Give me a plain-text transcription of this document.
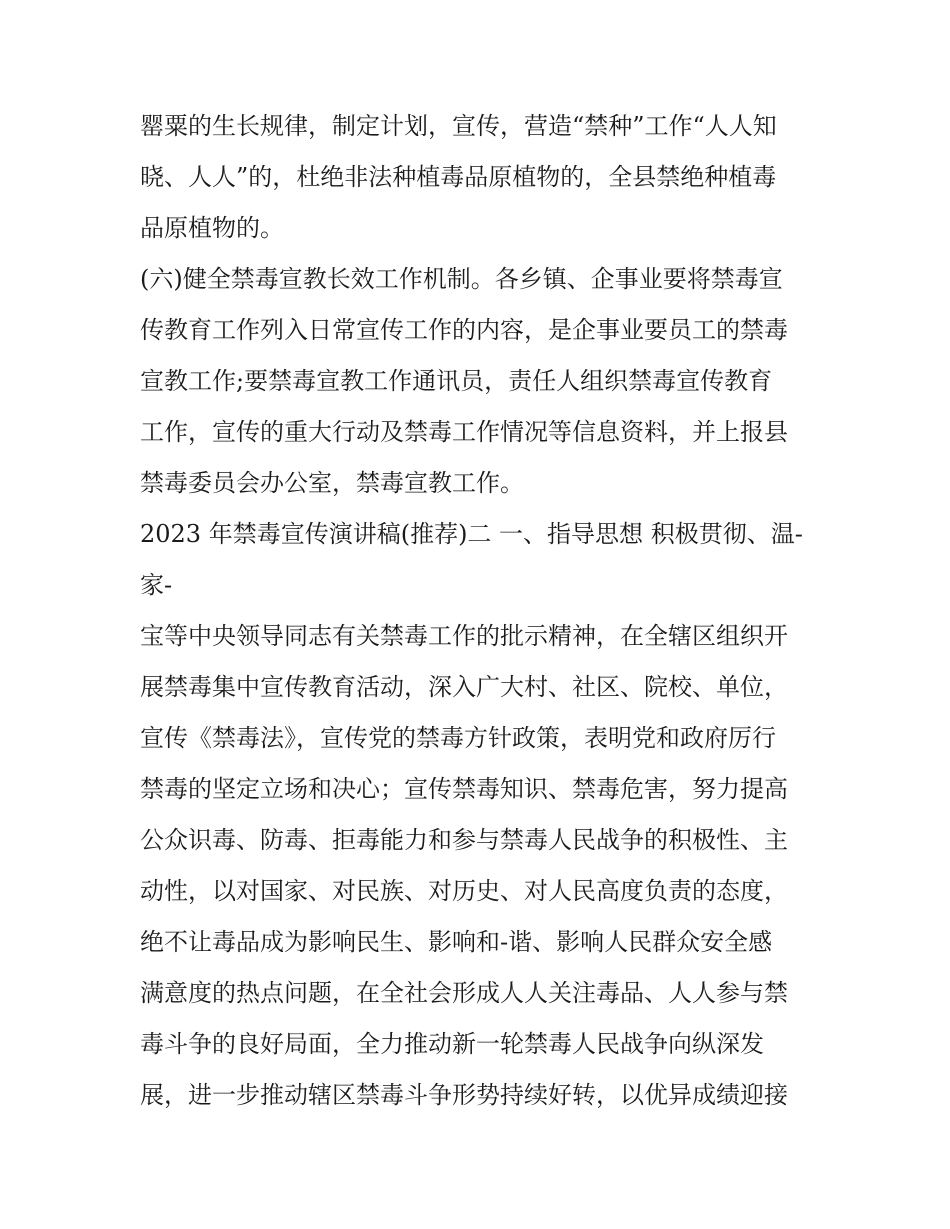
罂粟的生长规律，制定计划，宣传，营造“禁种”工作“人人知
晓、人人”的，杜绝非法种植毒品原植物的，全县禁绝种植毒
品原植物的。
(六)健全禁毒宣教长效工作机制。各乡镇、企事业要将禁毒宣
传教育工作列入日常宣传工作的内容，是企事业要员工的禁毒
宣教工作;要禁毒宣教工作通讯员，责任人组织禁毒宣传教育
工作，宣传的重大行动及禁毒工作情况等信息资料，并上报县
禁毒委员会办公室，禁毒宣教工作。
2023 年禁毒宣传演讲稿(推荐)二 一、指导思想 积极贯彻、温-
家-
宝等中央领导同志有关禁毒工作的批示精神，在全辖区组织开
展禁毒集中宣传教育活动，深入广大村、社区、院校、单位，
宣传《禁毒法》，宣传党的禁毒方针政策，表明党和政府厉行
禁毒的坚定立场和决心；宣传禁毒知识、禁毒危害，努力提高
公众识毒、防毒、拒毒能力和参与禁毒人民战争的积极性、主
动性，以对国家、对民族、对历史、对人民高度负责的态度，
绝不让毒品成为影响民生、影响和-谐、影响人民群众安全感
满意度的热点问题，在全社会形成人人关注毒品、人人参与禁
毒斗争的良好局面，全力推动新一轮禁毒人民战争向纵深发
展，进一步推动辖区禁毒斗争形势持续好转，以优异成绩迎接
